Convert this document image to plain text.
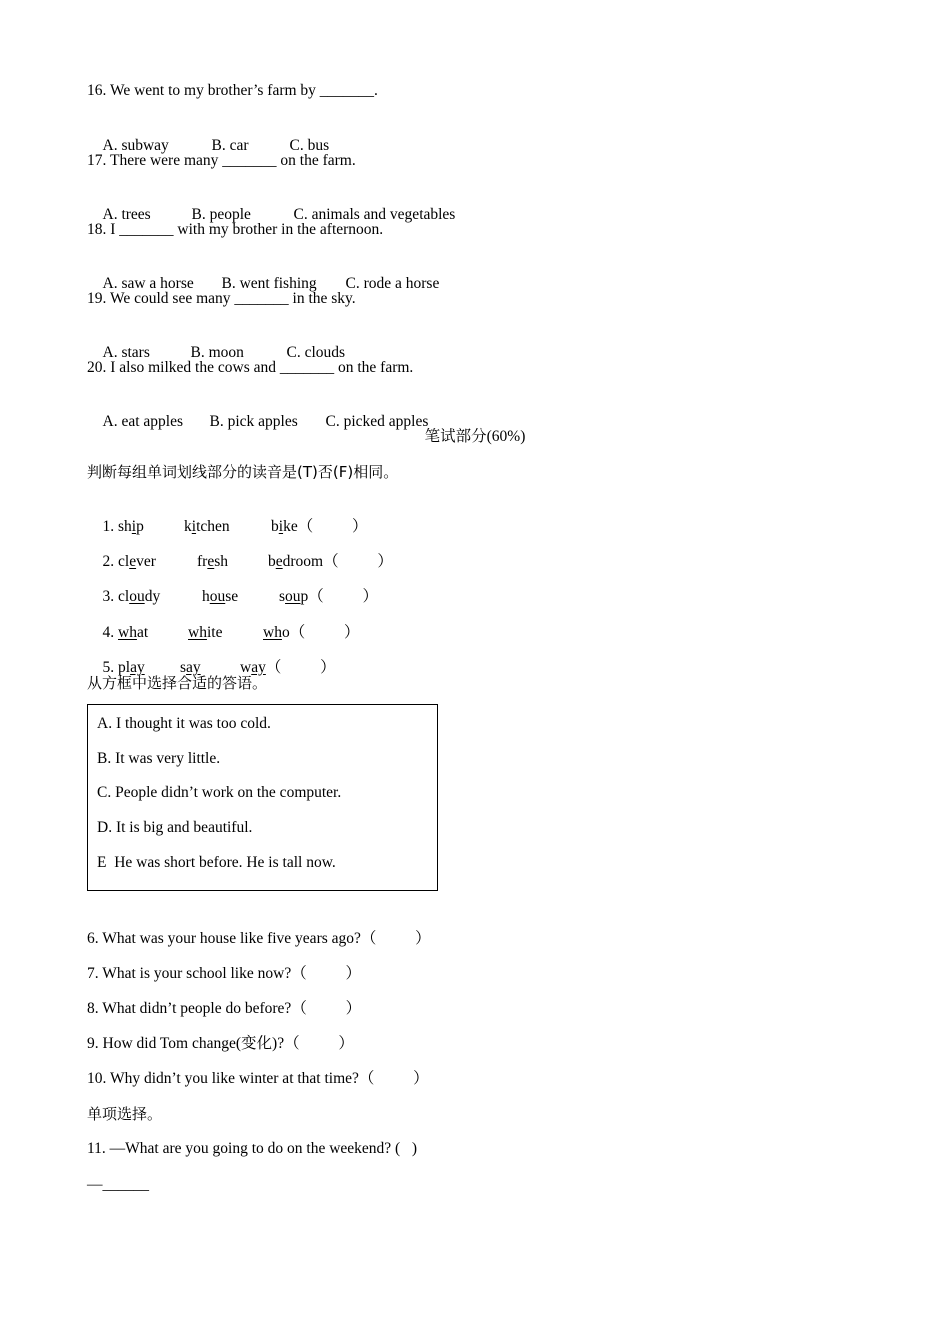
16. We went to my brother’s farm by _______.

A. subway	B. car	C. bus

17. There were many _______ on the farm.

A. trees	B. people	C. animals and vegetables

18. I _______ with my brother in the afternoon.

A. saw a horse B. went fishing C. rode a horse

19. We could see many _______ in the sky.

A. stars	B. moon	C. clouds

20. I also milked the cows and _______ on the farm.

A. eat apples B. pick apples C. picked apples

笔试部分(60%)
判断每组单词划线部分的读音是(T)否(F)相同。

1. ship	kitchen	bike（          ）

2. clever	fresh	bedroom（          ）

3. cloudy	house	soup（          ）

4. what	white	who（          ）

5. play say	way（          ）

从方框中选择合适的答语。
A. I thought it was too cold.
B. It was very little.
C. People didn’t work on the computer.
D. It is big and beautiful.
E  He was short before. He is tall now.
6. What was your house like five years ago?（          ）
7. What is your school like now?（          ）
8. What didn’t people do before?（          ）
9. How did Tom change(变化)?（          ）
10. Why didn’t you like winter at that time?（          ）
单项选择。
11. —What are you going to do on the weekend? (   )
—______
